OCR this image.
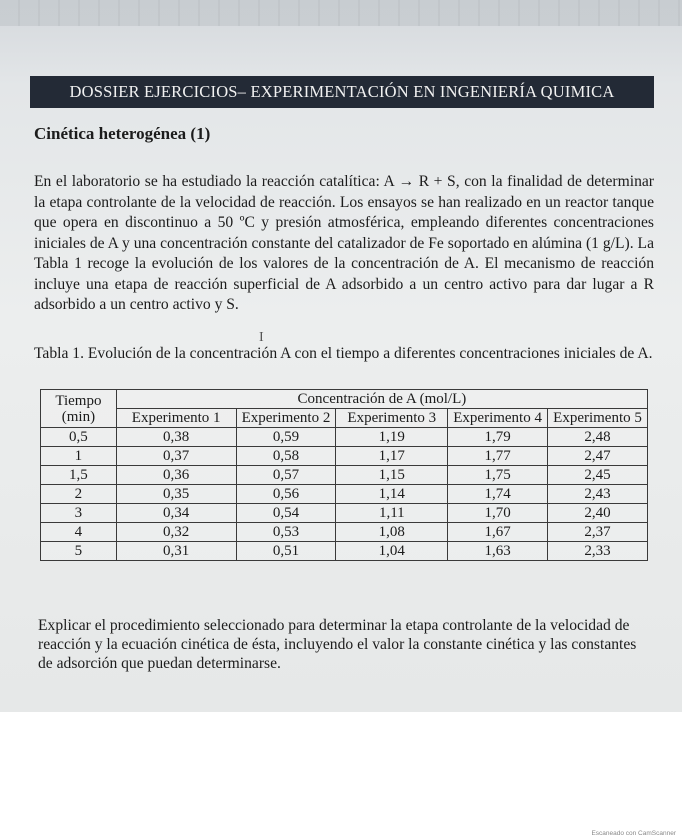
DOSSIER EJERCICIOS– EXPERIMENTACIÓN EN INGENIERÍA QUIMICA
Cinética heterogénea (1)

En el laboratorio se ha estudiado la reacción catalítica: A → R + S, con la finalidad de determinar la etapa controlante de la velocidad de reacción. Los ensayos se han realizado en un reactor tanque que opera en discontinuo a 50 ºC y presión atmosférica, empleando diferentes concentraciones iniciales de A y una concentración constante del catalizador de Fe soportado en alúmina (1 g/L). La Tabla 1 recoge la evolución de los valores de la concentración de A. El mecanismo de reacción incluye una etapa de reacción superficial de A adsorbido a un centro activo para dar lugar a R adsorbido a un centro activo y S.

I
Tabla 1. Evolución de la concentración A con el tiempo a diferentes concentraciones iniciales de A.
Tiempo (min)	Concentración de A (mol/L)				
	Experimento 1	Experimento 2	Experimento 3	Experimento 4	Experimento 5
0,5	0,38	0,59	1,19	1,79	2,48
1	0,37	0,58	1,17	1,77	2,47
1,5	0,36	0,57	1,15	1,75	2,45
2	0,35	0,56	1,14	1,74	2,43
3	0,34	0,54	1,11	1,70	2,40
4	0,32	0,53	1,08	1,67	2,37
5	0,31	0,51	1,04	1,63	2,33
Explicar el procedimiento seleccionado para determinar la etapa controlante de la velocidad de reacción y la ecuación cinética de ésta, incluyendo el valor la constante cinética y las constantes de adsorción que puedan determinarse.
Escaneado con CamScanner
